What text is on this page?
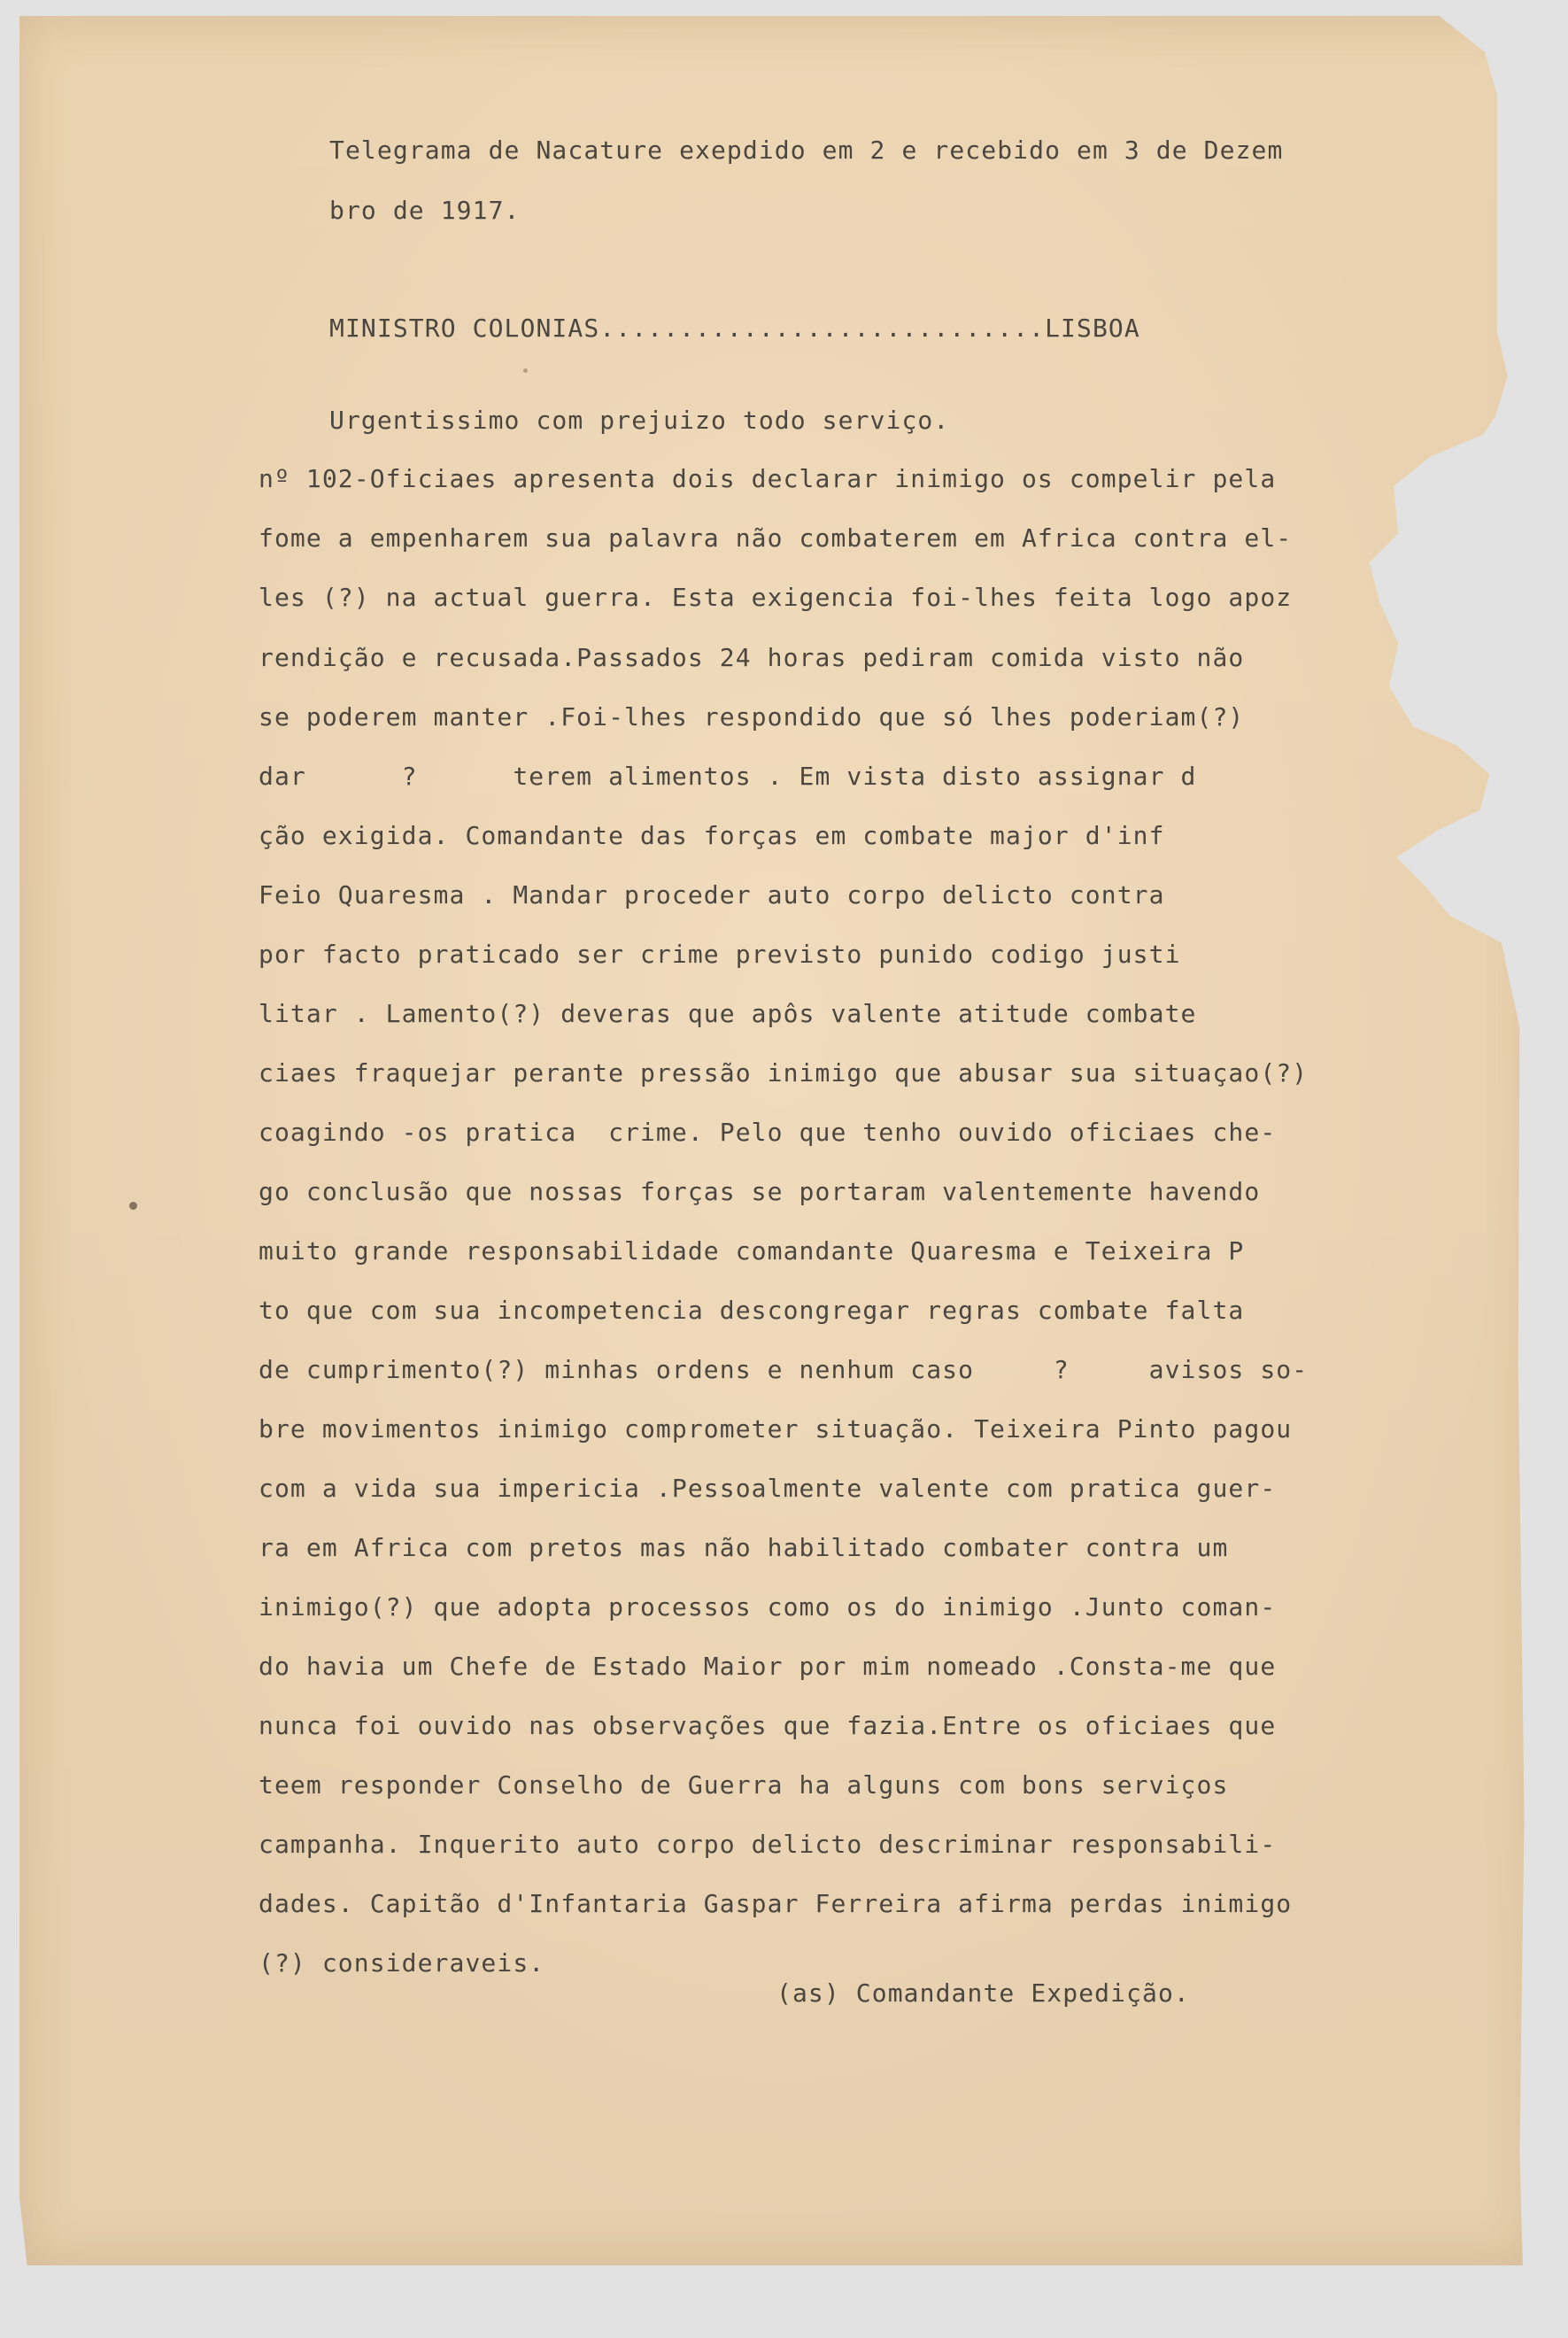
Telegrama de Nacature exepdido em 2 e recebido em 3 de Dezem
bro de 1917.
MINISTRO COLONIAS............................LISBOA
Urgentissimo com prejuizo todo serviço.
nº 102-Oficiaes apresenta dois declarar inimigo os compelir pela
fome a empenharem sua palavra não combaterem em Africa contra el-
les (?) na actual guerra. Esta exigencia foi-lhes feita logo apoz
rendição e recusada.Passados 24 horas pediram comida visto não
se poderem manter .Foi-lhes respondido que só lhes poderiam(?)
dar      ?      terem alimentos . Em vista disto assignar d
ção exigida. Comandante das forças em combate major d'inf
Feio Quaresma . Mandar proceder auto corpo delicto contra
por facto praticado ser crime previsto punido codigo justi
litar . Lamento(?) deveras que apôs valente atitude combate
ciaes fraquejar perante pressão inimigo que abusar sua situaçao(?)
coagindo -os pratica  crime. Pelo que tenho ouvido oficiaes che-
go conclusão que nossas forças se portaram valentemente havendo
muito grande responsabilidade comandante Quaresma e Teixeira P
to que com sua incompetencia descongregar regras combate falta
de cumprimento(?) minhas ordens e nenhum caso     ?     avisos so-
bre movimentos inimigo comprometer situação. Teixeira Pinto pagou
com a vida sua impericia .Pessoalmente valente com pratica guer-
ra em Africa com pretos mas não habilitado combater contra um
inimigo(?) que adopta processos como os do inimigo .Junto coman-
do havia um Chefe de Estado Maior por mim nomeado .Consta-me que
nunca foi ouvido nas observações que fazia.Entre os oficiaes que
teem responder Conselho de Guerra ha alguns com bons serviços
campanha. Inquerito auto corpo delicto descriminar responsabili-
dades. Capitão d'Infantaria Gaspar Ferreira afirma perdas inimigo
(?) consideraveis.
(as) Comandante Expedição.
